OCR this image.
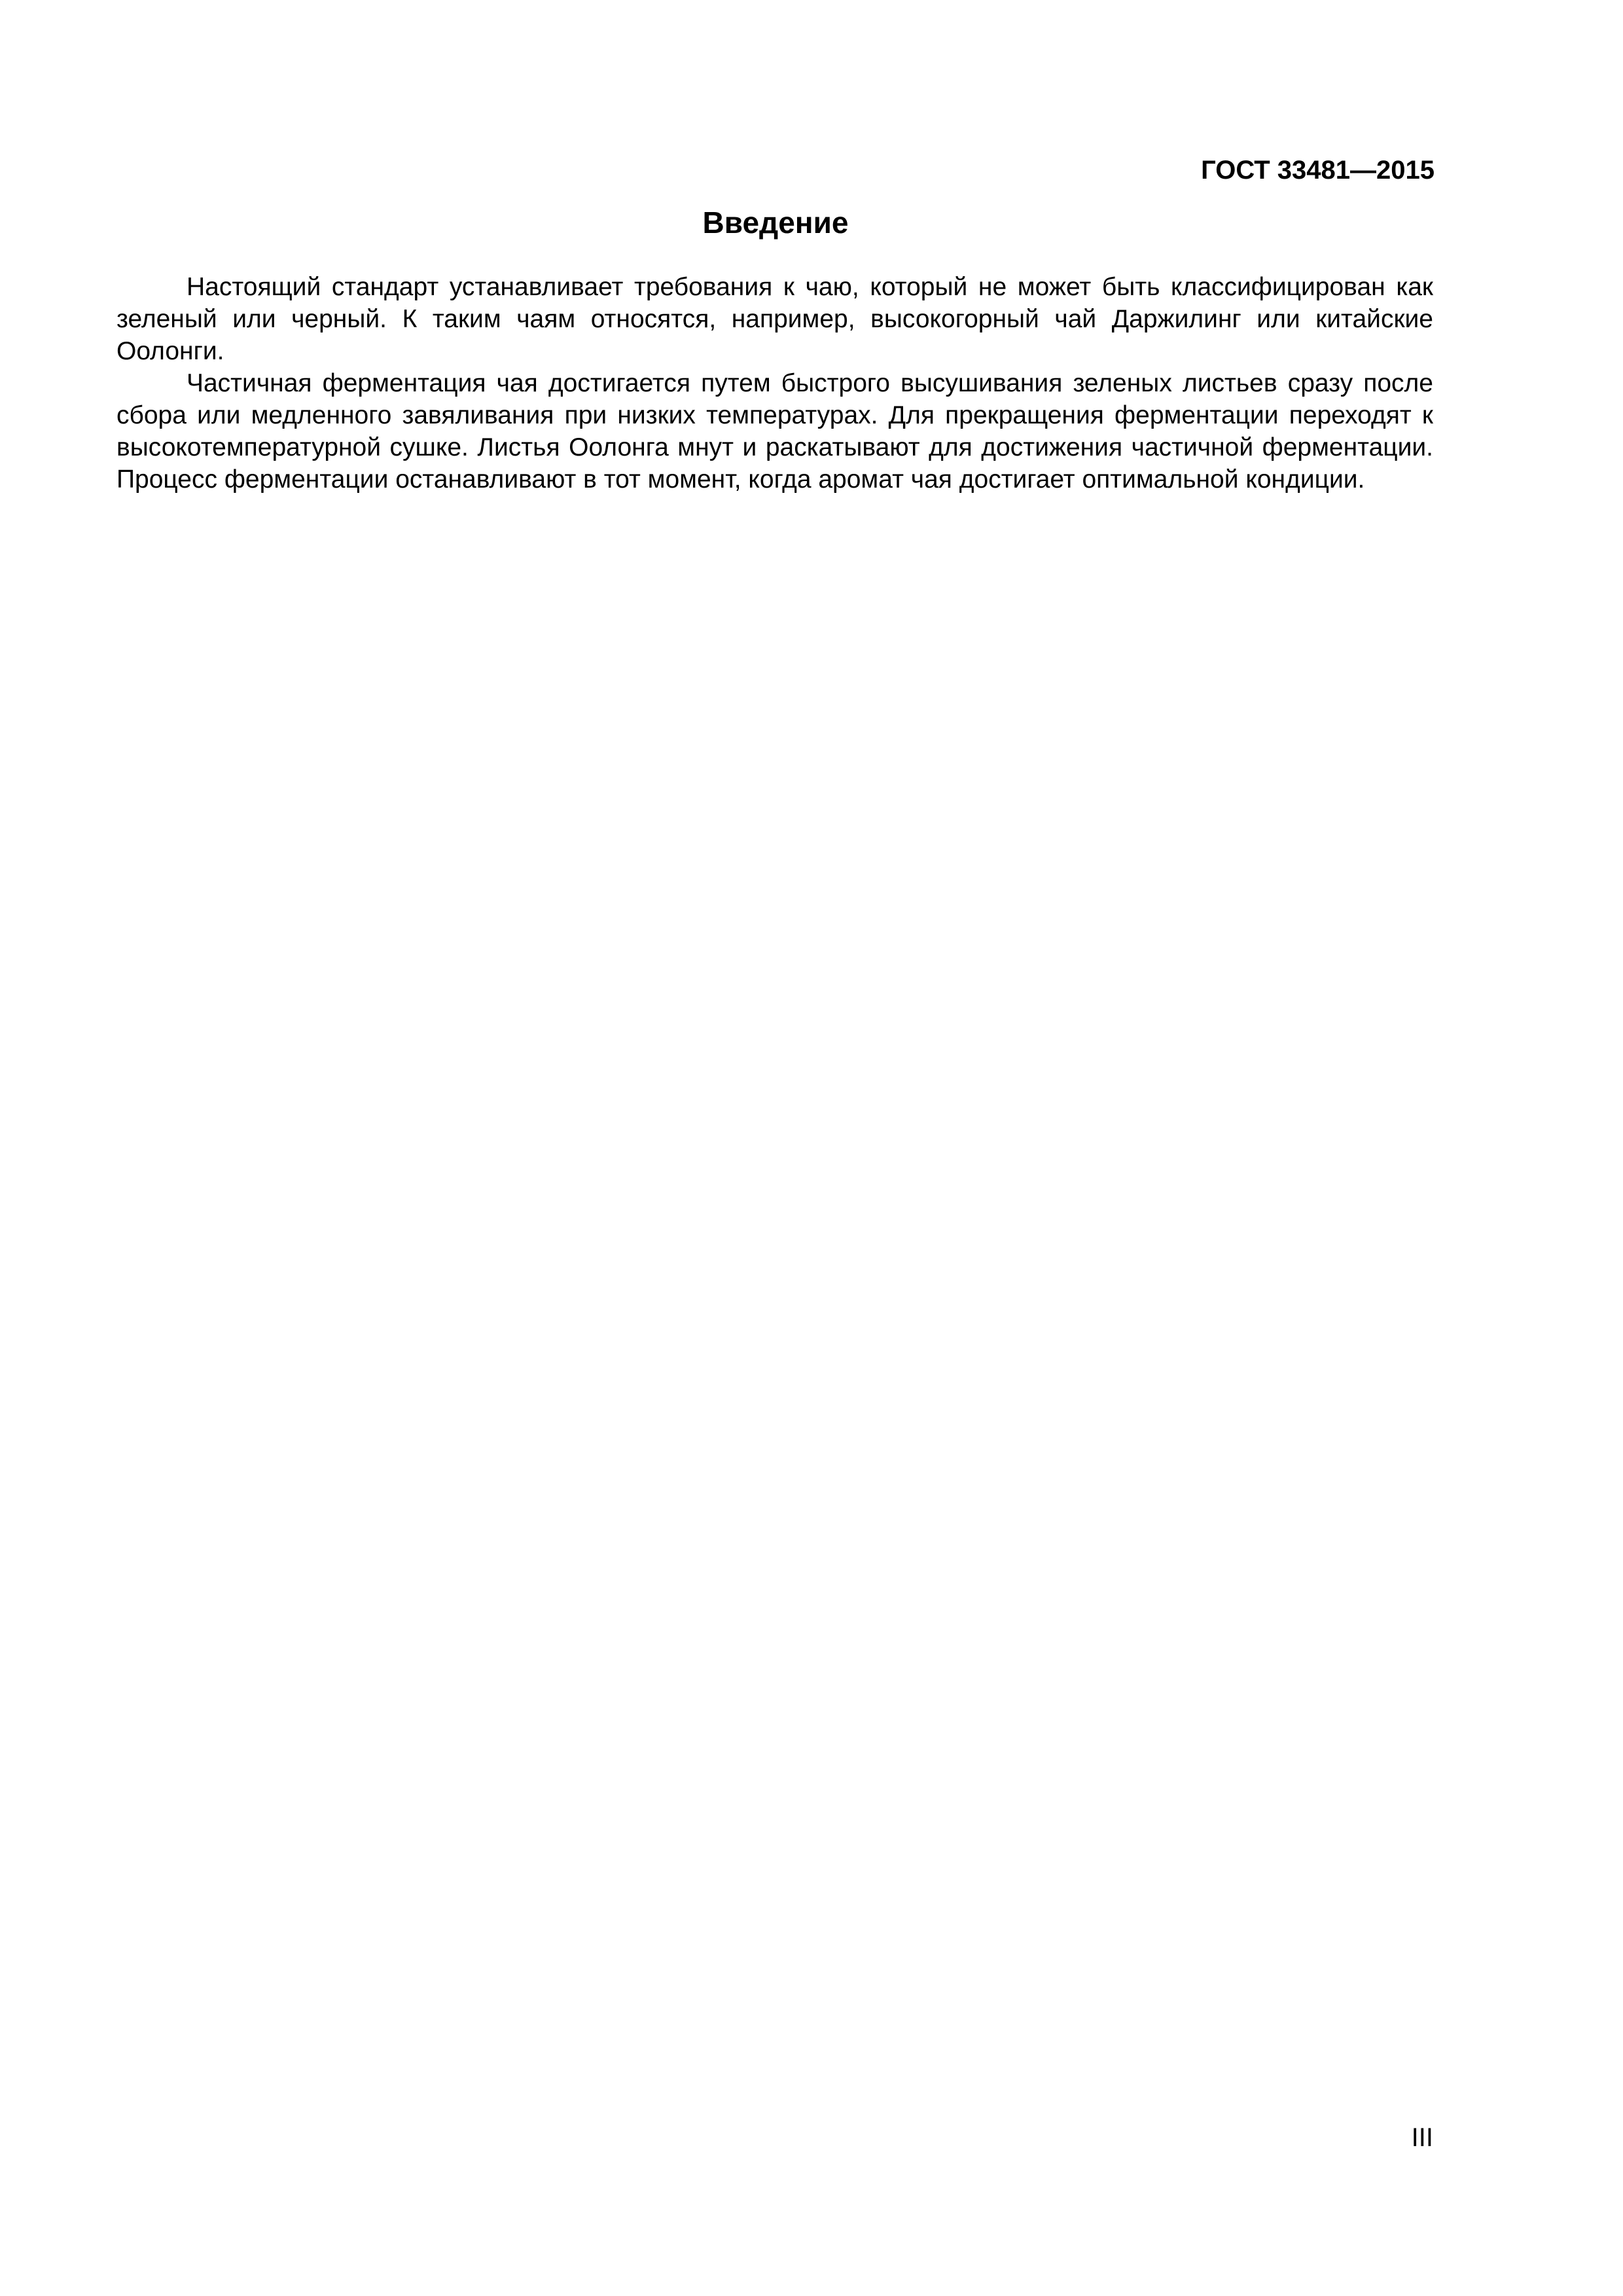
ГОСТ 33481—2015
Введение

Настоящий стандарт устанавливает требования к чаю, который не может быть классифицирован как зеленый или черный. К таким чаям относятся, например, высокогорный чай Даржилинг или китайские Оолонги.

Частичная ферментация чая достигается путем быстрого высушивания зеленых листьев сразу после сбора или медленного завяливания при низких температурах. Для прекращения ферментации переходят к высокотемпературной сушке. Листья Оолонга мнут и раскатывают для достижения частичной ферментации. Процесс ферментации останавливают в тот момент, когда аромат чая достигает оптимальной кондиции.

III
